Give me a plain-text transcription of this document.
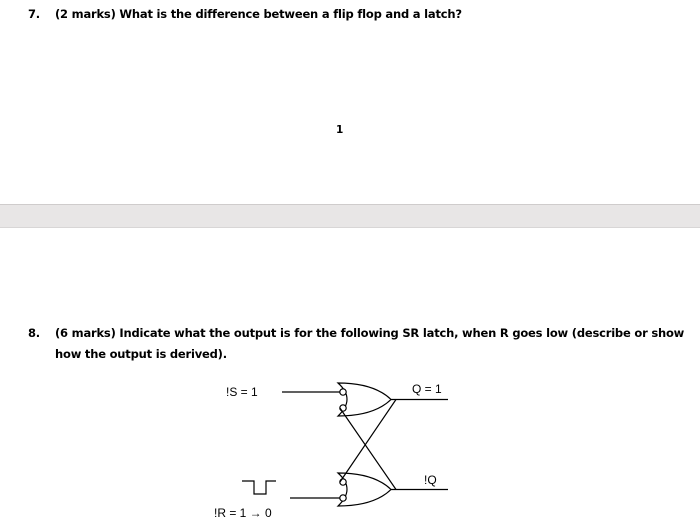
7. (2 marks) What is the difference between a flip flop and a latch?
1
8. (6 marks) Indicate what the output is for the following SR latch, when R goes low (describe or show
how the output is derived).
!S = 1	Q = 1
!Q
!R = 1 → 0
